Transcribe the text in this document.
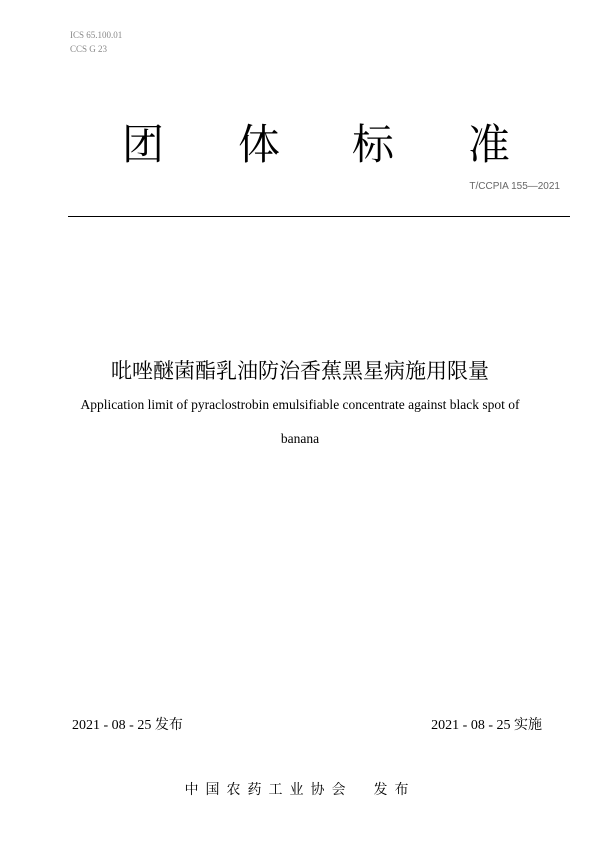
ICS 65.100.01
CCS G 23
团 体 标 准
T/CCPIA 155—2021
吡唑醚菌酯乳油防治香蕉黑星病施用限量
Application limit of pyraclostrobin emulsifiable concentrate against black spot of
banana
2021 - 08 - 25 发布	2021 - 08 - 25 实施
中国农药工业协会　发布
